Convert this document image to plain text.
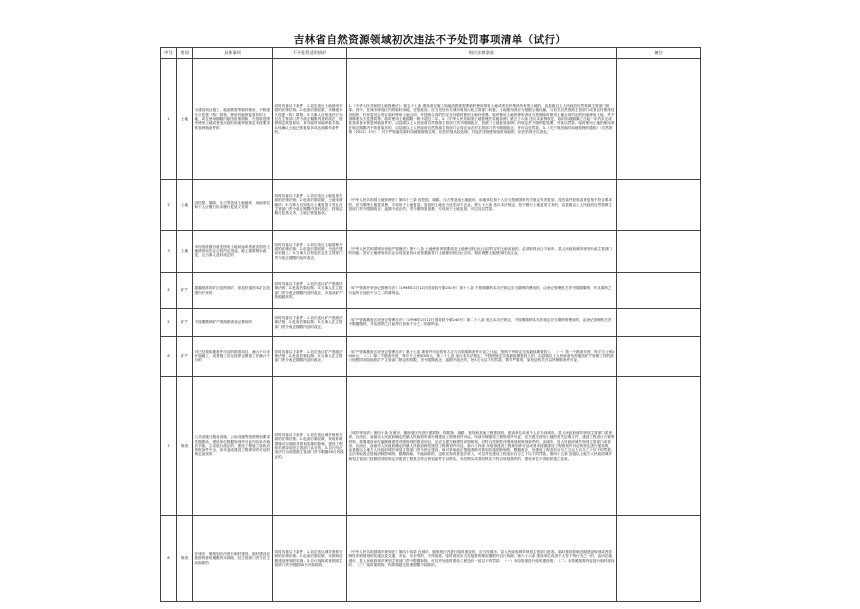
吉林省自然资源领域初次违法不予处罚事项清单（试行）
序号	类别	具体事项	不予处罚适用情形	相应法律条款	备注
1	土地	为建设项目施工、地质勘查等临时使用、不修建永久性建（构）筑物，使用后能恢复原状的土地，或在使用期限内超出批准面积、在批准范围外使用土地或者违反临时用地审批规定未按要求恢复种植条件的	同时具备以下条件：1.初次违反土地使用方面的法律法规；2.危害后果轻微，未修建永久性建（构）筑物；3.当事人自知违法行为且在主管部门责令改正期限内及时改正，按照规定恢复原状、补办临时用地审批手续；4.经确认土地已恢复原状或达到耕作条件的。	1.《中华人民共和国土地管理法》 第五十七条 建设项目施工和地质勘查需要临时使用国有土地或者农民集体所有的土地的，由县级以上人民政府自然资源主管部门批准。其中，在城市规划区内的临时用地，在报批前，应当先经有关城市规划行政主管部门同意。土地使用者应当根据土地权属，与有关自然资源主管部门或者农村集体经济组织、村民委员会签订临时使用土地合同，并按照合同的约定支付临时使用土地补偿费。临时使用土地的使用者应当按照临时使用土地合同约定的用途使用土地，并不得修建永久性建筑物。临时使用土地期限一般不超过二年。2.《中华人民共和国土地管理法实施条例》第五十六条 违反本条例规定，临时用地期满之日起一年内未完成复垦或者未恢复种植条件的，由县级以上人民政府自然资源主管部门责令限期改正，依照《土地复垦条例》的规定责令缴纳复垦费，并处以罚款；临时使用土地的使用者在规定期限内不恢复原状的，由县级以上人民政府自然资源主管部门会同农业农村主管部门责令限期改正，并可以处罚款。3.《关于规范临时用地管理的通知》（自然资规〔2021〕2号）：对于严格落实临时用地管理规定的，依法依规从轻处理；对违法违规使用临时用地的，依法依规予以查处。	
2	土地	因挖损、塌陷、压占等造成土地破坏，用地单位和个人应履行但未履行复垦义务的	同时具备以下条件：1.初次违反土地复垦方面的法律法规；2.危害后果轻微，土地未被破坏；3.当事人自知违反土地复垦义务且在主管部门责令改正期限内及时改正，按规定履行复垦义务，土地已恢复原状。	《中华人民共和国土地管理法》第四十三条 因挖损、塌陷、压占等造成土地破坏，用地单位和个人应当按照国家有关规定负责复垦；没有条件复垦或者复垦不符合要求的，应当缴纳土地复垦费，专项用于土地复垦。复垦的土地应当优先用于农业。第七十六条 违反本法规定，拒不履行土地复垦义务的，由县级以上人民政府自然资源主管部门责令限期改正；逾期不改正的，责令缴纳复垦费，专项用于土地复垦，可以处以罚款。	
3	土地	未经批准擅自改变国有土地用途或者改变国有土地使用权出让合同约定用途，地上建筑物未改变，且当事人及时改正的	同时具备以下条件：1.初次违反土地管理方面的法律法规；2.危害后果轻微，为违法建设未施工；3.当事人自知违法且在主管部门责令改正期限内及时改正。	《中华人民共和国城市房地产管理法》第十八条 土地使用者需要改变土地使用权出让合同约定的土地用途的，必须取得出让方和市、县人民政府城市规划行政主管部门的同意，签订土地使用权出让合同变更协议或者重新签订土地使用权出让合同，相应调整土地使用权出让金。	
4	矿产	超越批准的矿区范围采矿，但及时退回本矿区范围内开采的	同时具备以下条件：1.初次违反矿产资源法律法规；2.危害后果轻微；3.当事人在主管部门责令改正期限内及时改正，未造成矿产资源破坏的。	《矿产资源开采登记管理办法》（1998年2月12日国务院令第241号）第十八条 不按期缴纳本办法规定应当缴纳的费用的，由登记管理机关责令限期缴纳，并从滞纳之日起每日加收千分之二的滞纳金。	
5	矿产	不按期缴纳矿产资源勘查登记费用的	同时具备以下条件：1.初次违反矿产资源法律法规；2.危害后果轻微；3.当事人在主管部门责令改正期限内及时改正。	《矿产资源勘查区块登记管理办法》（1998年2月12日国务院令第240号）第二十八条 违反本办法规定，不按期缴纳本办法规定应当缴纳的费用的，由登记管理机关责令限期缴纳，并从滞纳之日起每日加收千分之二的滞纳金。	
6	矿产	对已经领取勘查许可证的勘查项目，满六个月未开始施工，或者施工后无故停止勘查工作满六个月的	同时具备以下条件：1.初次违反矿产资源法律法规；2.危害后果轻微；3.当事人在主管部门责令改正期限内及时改正。	《矿产资源勘查区块登记管理办法》第十七条 勘查许可证持有人应当自领取勘查许可证之日起，按照下列规定完成最低勘查投入：（一）第一个勘查年度，每平方公里2000元；（二）第二个勘查年度，每平方公里5000元。第二十七条 违反本办法规定，不按照规定完成最低勘查投入的，由县级以上人民政府负责地质矿产管理工作的部门按照国务院地质矿产主管部门规定的权限，责令限期改正；逾期不改正的，处5万元以下的罚款；情节严重的，原发证机关可以吊销勘查许可证。	
7	规划	公共设施与服务设施、公用设施等按照规划要求先期建设，建设单位根据规划许可证内容补办相应手续，主动进行改正的；建设工程竣工验收后申报条件不全，但未造成建设工程规划许可证的规定延误的	同时具备以下条件：1.初次违反城乡规划方面的法律法规；2.危害后果轻微，采取补救措施可以消除对规划实施的影响，建设工程尚未建设或经主管部门认可的；3.自行纠正违法行为或按照主管部门责令限期30日内改正的。	《城乡规划法》第四十条 在城市、镇规划区内进行建筑物、构筑物、道路、管线和其他工程建设的，建设单位或者个人应当向城市、县人民政府城乡规划主管部门或者省、自治区、直辖市人民政府确定的镇人民政府申请办理建设工程规划许可证。申请办理建设工程规划许可证，应当提交使用土地的有关证明文件、建设工程设计方案等材料。需要建设单位编制修建性详细规划的建设项目，还应当提交修建性详细规划。对符合控制性详细规划和规划条件的，由城市、县人民政府城乡规划主管部门或者省、自治区、直辖市人民政府确定的镇人民政府核发建设工程规划许可证。第六十四条 未取得建设工程规划许可证或者未按照建设工程规划许可证的规定进行建设的，由县级以上地方人民政府城乡规划主管部门责令停止建设；尚可采取改正措施消除对规划实施的影响的，限期改正，处建设工程造价百分之五以上百分之十以下的罚款；无法采取改正措施消除影响的，限期拆除，不能拆除的，没收实物或者违法收入，可以并处建设工程造价百分之十以下的罚款。第四十五条 县级以上地方人民政府城乡规划主管部门按照国务院规定对建设工程是否符合规划条件予以核实。未经核实或者经核实不符合规划条件的，建设单位不得组织竣工验收。	
8	规划	在城市、镇规划区内进行临时建设，临时建设在批准的使用期限内未拆除，经主管部门责令后主动拆除的	同时具备以下条件：1.初次违反城乡规划方面的法律法规；2.危害后果轻微，未影响近期建设规划的实施；3.自行拆除或者按照主管部门责令限期30日内拆除的。	《中华人民共和国城乡规划法》第四十四条 在城市、镇规划区内进行临时建设的，应当经城市、县人民政府城乡规划主管部门批准。临时建设影响近期建设规划或者控制性详细规划的实施以及交通、市容、安全等的，不得批准。临时建设应当在批准的使用期限内自行拆除。第六十六条 建设单位或者个人有下列行为之一的，由所在地城市、县人民政府城乡规划主管部门责令限期拆除，可以并处临时建设工程造价一倍以下的罚款：（一）未经批准进行临时建设的；（二）未按照批准内容进行临时建设的；（三）临时建筑物、构筑物超过批准期限不拆除的。	
